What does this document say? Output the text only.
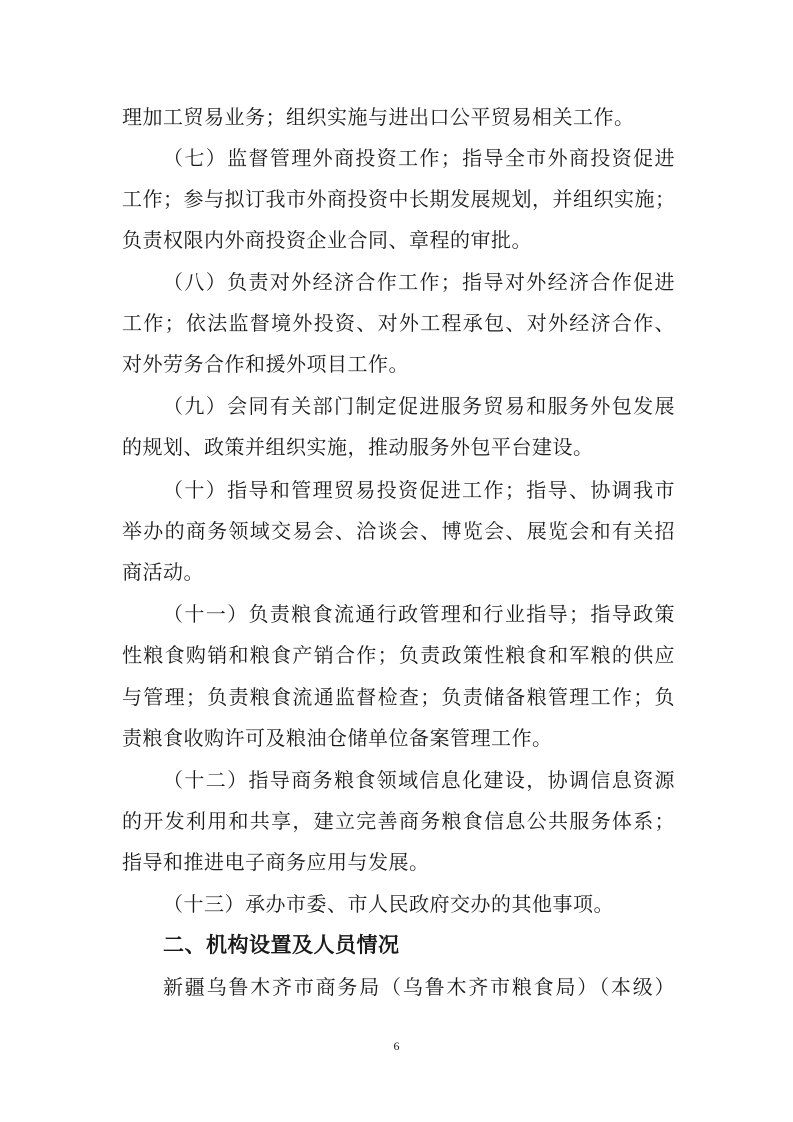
理加工贸易业务；组织实施与进出口公平贸易相关工作。
（七）监督管理外商投资工作；指导全市外商投资促进
工作；参与拟订我市外商投资中长期发展规划，并组织实施；
负责权限内外商投资企业合同、章程的审批。
（八）负责对外经济合作工作；指导对外经济合作促进
工作；依法监督境外投资、对外工程承包、对外经济合作、
对外劳务合作和援外项目工作。
（九）会同有关部门制定促进服务贸易和服务外包发展
的规划、政策并组织实施，推动服务外包平台建设。
（十）指导和管理贸易投资促进工作；指导、协调我市
举办的商务领域交易会、洽谈会、博览会、展览会和有关招
商活动。
（十一）负责粮食流通行政管理和行业指导；指导政策
性粮食购销和粮食产销合作；负责政策性粮食和军粮的供应
与管理；负责粮食流通监督检查；负责储备粮管理工作；负
责粮食收购许可及粮油仓储单位备案管理工作。
（十二）指导商务粮食领域信息化建设，协调信息资源
的开发利用和共享，建立完善商务粮食信息公共服务体系；
指导和推进电子商务应用与发展。
（十三）承办市委、市人民政府交办的其他事项。
二、机构设置及人员情况
新疆乌鲁木齐市商务局（乌鲁木齐市粮食局）（本级）
6
